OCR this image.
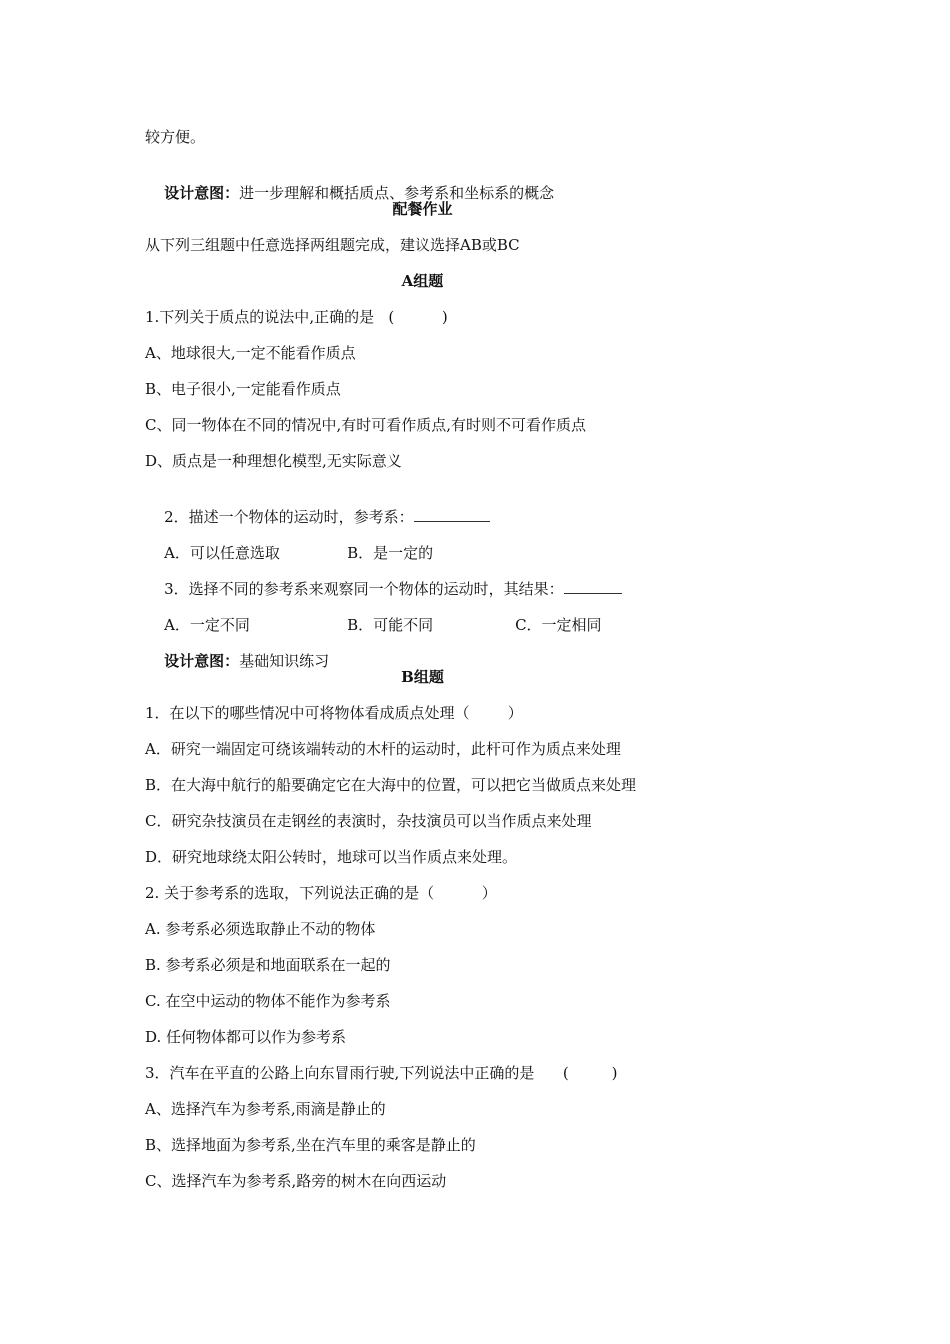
较方便。

设计意图：进一步理解和概括质点、参考系和坐标系的概念

配餐作业
从下列三组题中任意选择两组题完成，建议选择AB或BC
A组题
1.下列关于质点的说法中,正确的是   (          )
A、地球很大,一定不能看作质点
B、电子很小,一定能看作质点
C、同一物体在不同的情况中,有时可看作质点,有时则不可看作质点
D、质点是一种理想化模型,无实际意义

2．描述一个物体的运动时，参考系：

A．可以任意选取	B．是一定的

3．选择不同的参考系来观察同一个物体的运动时，其结果：

A．一定不同	B．可能不同	C．一定相同

设计意图：基础知识练习

B组题
1．在以下的哪些情况中可将物体看成质点处理（        ）
A．研究一端固定可绕该端转动的木杆的运动时，此杆可作为质点来处理
B．在大海中航行的船要确定它在大海中的位置，可以把它当做质点来处理
C．研究杂技演员在走钢丝的表演时，杂技演员可以当作质点来处理
D．研究地球绕太阳公转时，地球可以当作质点来处理。
2. 关于参考系的选取，下列说法正确的是（          ）
A. 参考系必须选取静止不动的物体
B. 参考系必须是和地面联系在一起的
C. 在空中运动的物体不能作为参考系
D. 任何物体都可以作为参考系
3．汽车在平直的公路上向东冒雨行驶,下列说法中正确的是      (         )
A、选择汽车为参考系,雨滴是静止的
B、选择地面为参考系,坐在汽车里的乘客是静止的
C、选择汽车为参考系,路旁的树木在向西运动
